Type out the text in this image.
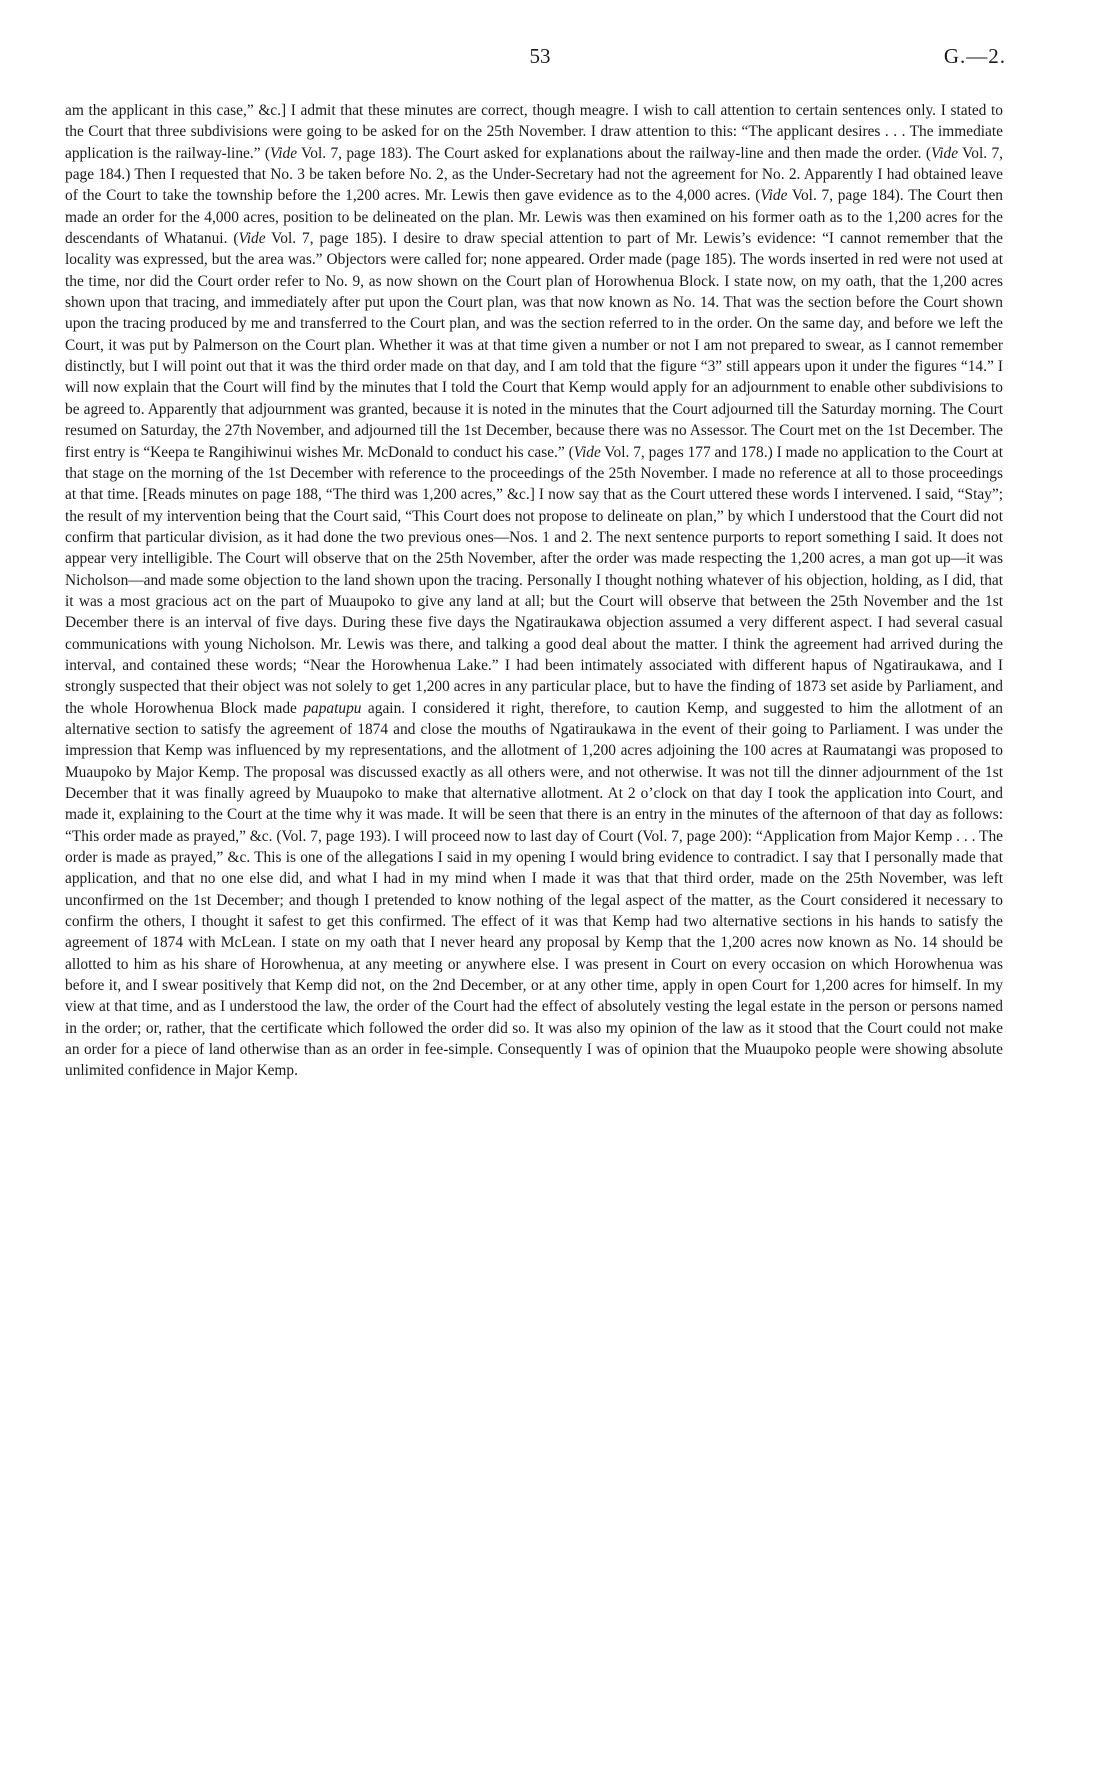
53	G.—2.

am the applicant in this case,” &c.] I admit that these minutes are correct, though meagre. I wish to call attention to certain sentences only. I stated to the Court that three subdivisions were going to be asked for on the 25th November. I draw attention to this: “The applicant desires . . . The immediate application is the railway-line.” (Vide Vol. 7, page 183). The Court asked for explanations about the railway-line and then made the order. (Vide Vol. 7, page 184.) Then I requested that No. 3 be taken before No. 2, as the Under-Secretary had not the agreement for No. 2. Apparently I had obtained leave of the Court to take the township before the 1,200 acres. Mr. Lewis then gave evidence as to the 4,000 acres. (Vide Vol. 7, page 184). The Court then made an order for the 4,000 acres, position to be delineated on the plan. Mr. Lewis was then examined on his former oath as to the 1,200 acres for the descendants of Whatanui. (Vide Vol. 7, page 185). I desire to draw special attention to part of Mr. Lewis’s evidence: “I cannot remember that the locality was expressed, but the area was.” Objectors were called for; none appeared. Order made (page 185). The words inserted in red were not used at the time, nor did the Court order refer to No. 9, as now shown on the Court plan of Horowhenua Block. I state now, on my oath, that the 1,200 acres shown upon that tracing, and immediately after put upon the Court plan, was that now known as No. 14. That was the section before the Court shown upon the tracing produced by me and transferred to the Court plan, and was the section referred to in the order. On the same day, and before we left the Court, it was put by Palmerson on the Court plan. Whether it was at that time given a number or not I am not prepared to swear, as I cannot remember distinctly, but I will point out that it was the third order made on that day, and I am told that the figure “3” still appears upon it under the figures “14.” I will now explain that the Court will find by the minutes that I told the Court that Kemp would apply for an adjournment to enable other subdivisions to be agreed to. Apparently that adjournment was granted, because it is noted in the minutes that the Court adjourned till the Saturday morning. The Court resumed on Saturday, the 27th November, and adjourned till the 1st December, because there was no Assessor. The Court met on the 1st December. The first entry is “Keepa te Rangihiwinui wishes Mr. McDonald to conduct his case.” (Vide Vol. 7, pages 177 and 178.) I made no application to the Court at that stage on the morning of the 1st December with reference to the proceedings of the 25th November. I made no reference at all to those proceedings at that time. [Reads minutes on page 188, “The third was 1,200 acres,” &c.] I now say that as the Court uttered these words I intervened. I said, “Stay”; the result of my intervention being that the Court said, “This Court does not propose to delineate on plan,” by which I understood that the Court did not confirm that particular division, as it had done the two previous ones—Nos. 1 and 2. The next sentence purports to report something I said. It does not appear very intelligible. The Court will observe that on the 25th November, after the order was made respecting the 1,200 acres, a man got up—it was Nicholson—and made some objection to the land shown upon the tracing. Personally I thought nothing whatever of his objection, holding, as I did, that it was a most gracious act on the part of Muaupoko to give any land at all; but the Court will observe that between the 25th November and the 1st December there is an interval of five days. During these five days the Ngatiraukawa objection assumed a very different aspect. I had several casual communications with young Nicholson. Mr. Lewis was there, and talking a good deal about the matter. I think the agreement had arrived during the interval, and contained these words; “Near the Horowhenua Lake.” I had been intimately associated with different hapus of Ngatiraukawa, and I strongly suspected that their object was not solely to get 1,200 acres in any particular place, but to have the finding of 1873 set aside by Parliament, and the whole Horowhenua Block made papatupu again. I considered it right, therefore, to caution Kemp, and suggested to him the allotment of an alternative section to satisfy the agreement of 1874 and close the mouths of Ngatiraukawa in the event of their going to Parliament. I was under the impression that Kemp was influenced by my representations, and the allotment of 1,200 acres adjoining the 100 acres at Raumatangi was proposed to Muaupoko by Major Kemp. The proposal was discussed exactly as all others were, and not otherwise. It was not till the dinner adjournment of the 1st December that it was finally agreed by Muaupoko to make that alternative allotment. At 2 o’clock on that day I took the application into Court, and made it, explaining to the Court at the time why it was made. It will be seen that there is an entry in the minutes of the afternoon of that day as follows: “This order made as prayed,” &c. (Vol. 7, page 193). I will proceed now to last day of Court (Vol. 7, page 200): “Application from Major Kemp . . . The order is made as prayed,” &c. This is one of the allegations I said in my opening I would bring evidence to contradict. I say that I personally made that application, and that no one else did, and what I had in my mind when I made it was that that third order, made on the 25th November, was left unconfirmed on the 1st December; and though I pretended to know nothing of the legal aspect of the matter, as the Court considered it necessary to confirm the others, I thought it safest to get this confirmed. The effect of it was that Kemp had two alternative sections in his hands to satisfy the agreement of 1874 with McLean. I state on my oath that I never heard any proposal by Kemp that the 1,200 acres now known as No. 14 should be allotted to him as his share of Horowhenua, at any meeting or anywhere else. I was present in Court on every occasion on which Horowhenua was before it, and I swear positively that Kemp did not, on the 2nd December, or at any other time, apply in open Court for 1,200 acres for himself. In my view at that time, and as I understood the law, the order of the Court had the effect of absolutely vesting the legal estate in the person or persons named in the order; or, rather, that the certificate which followed the order did so. It was also my opinion of the law as it stood that the Court could not make an order for a piece of land otherwise than as an order in fee-simple. Consequently I was of opinion that the Muaupoko people were showing absolute unlimited confidence in Major Kemp.
